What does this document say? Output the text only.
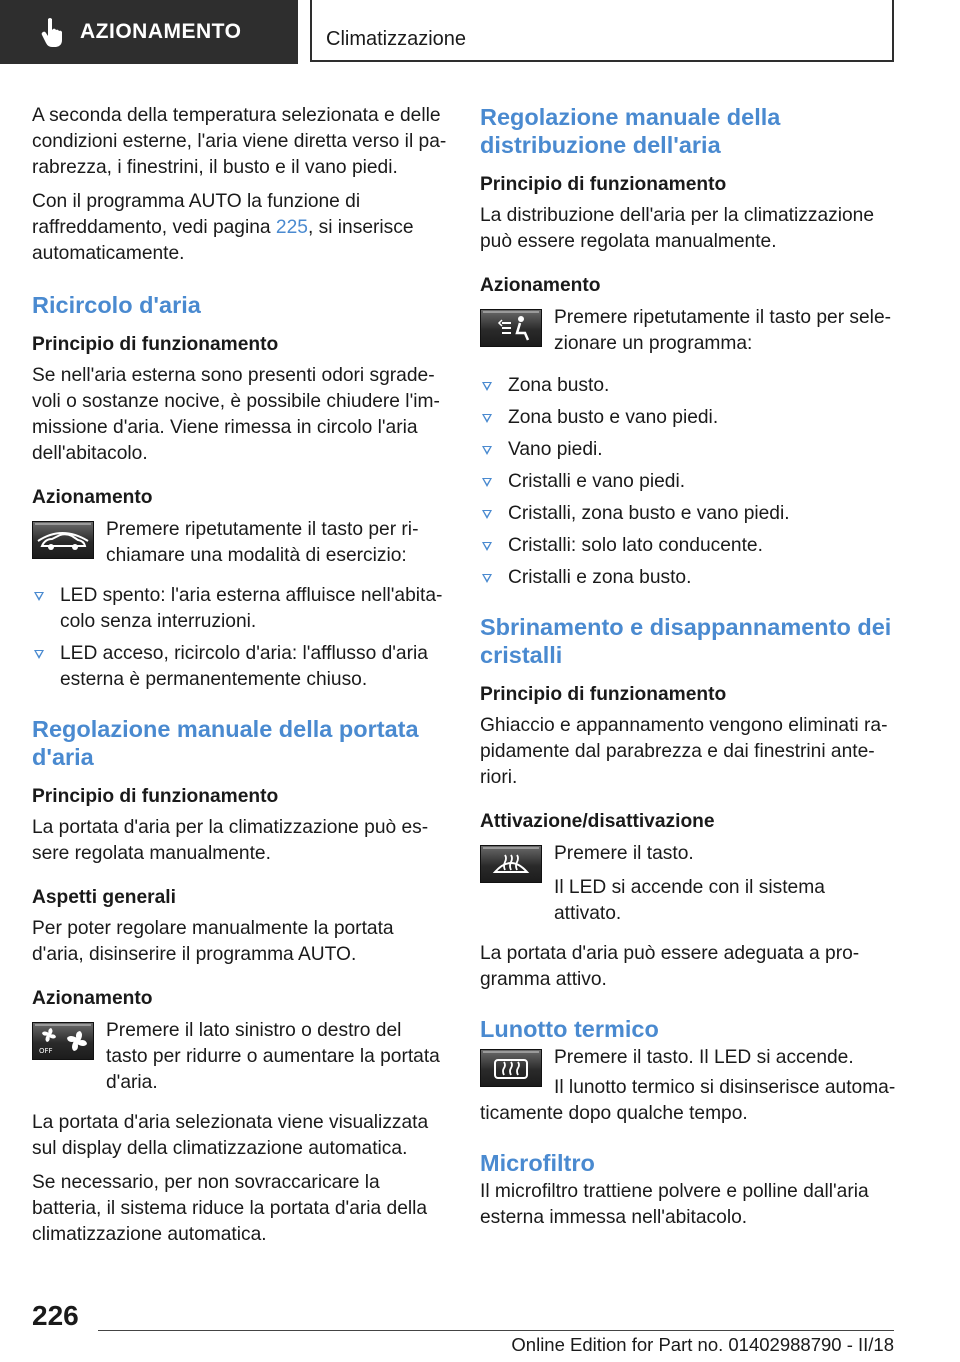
AZIONAMENTO	Climatizzazione

A seconda della temperatura selezionata e delle condizioni esterne, l'aria viene diretta verso il parabrezza, i finestrini, il busto e il vano piedi.

Con il programma AUTO la funzione di raffreddamento, vedi pagina 225, si inserisce automaticamente.

Ricircolo d'aria
Principio di funzionamento

Se nell'aria esterna sono presenti odori sgradevoli o sostanze nocive, è possibile chiudere l'immissione d'aria. Viene rimessa in circolo l'aria dell'abitacolo.

Azionamento

Premere ripetutamente il tasto per richiamare una modalità di esercizio:

LED spento: l'aria esterna affluisce nell'abitacolo senza interruzioni.
LED acceso, ricircolo d'aria: l'afflusso d'aria esterna è permanentemente chiuso.
Regolazione manuale della portata d'aria
Principio di funzionamento

La portata d'aria per la climatizzazione può essere regolata manualmente.

Aspetti generali

Per poter regolare manualmente la portata d'aria, disinserire il programma AUTO.

Azionamento
OFF

Premere il lato sinistro o destro del tasto per ridurre o aumentare la portata d'aria.

La portata d'aria selezionata viene visualizzata sul display della climatizzazione automatica.

Se necessario, per non sovraccaricare la batteria, il sistema riduce la portata d'aria della climatizzazione automatica.

Regolazione manuale della distribuzione dell'aria
Principio di funzionamento

La distribuzione dell'aria per la climatizzazione può essere regolata manualmente.

Azionamento

Premere ripetutamente il tasto per selezionare un programma:

Zona busto.
Zona busto e vano piedi.
Vano piedi.
Cristalli e vano piedi.
Cristalli, zona busto e vano piedi.
Cristalli: solo lato conducente.
Cristalli e zona busto.
Sbrinamento e disappannamento dei cristalli
Principio di funzionamento

Ghiaccio e appannamento vengono eliminati rapidamente dal parabrezza e dai finestrini anteriori.

Attivazione/disattivazione

Premere il tasto.

Il LED si accende con il sistema attivato.

La portata d'aria può essere adeguata a programma attivo.

Lunotto termico

Premere il tasto. Il LED si accende.

Il lunotto termico si disinserisce automaticamente dopo qualche tempo.

Microfiltro

Il microfiltro trattiene polvere e polline dall'aria esterna immessa nell'abitacolo.

226
Online Edition for Part no. 01402988790 - II/18
